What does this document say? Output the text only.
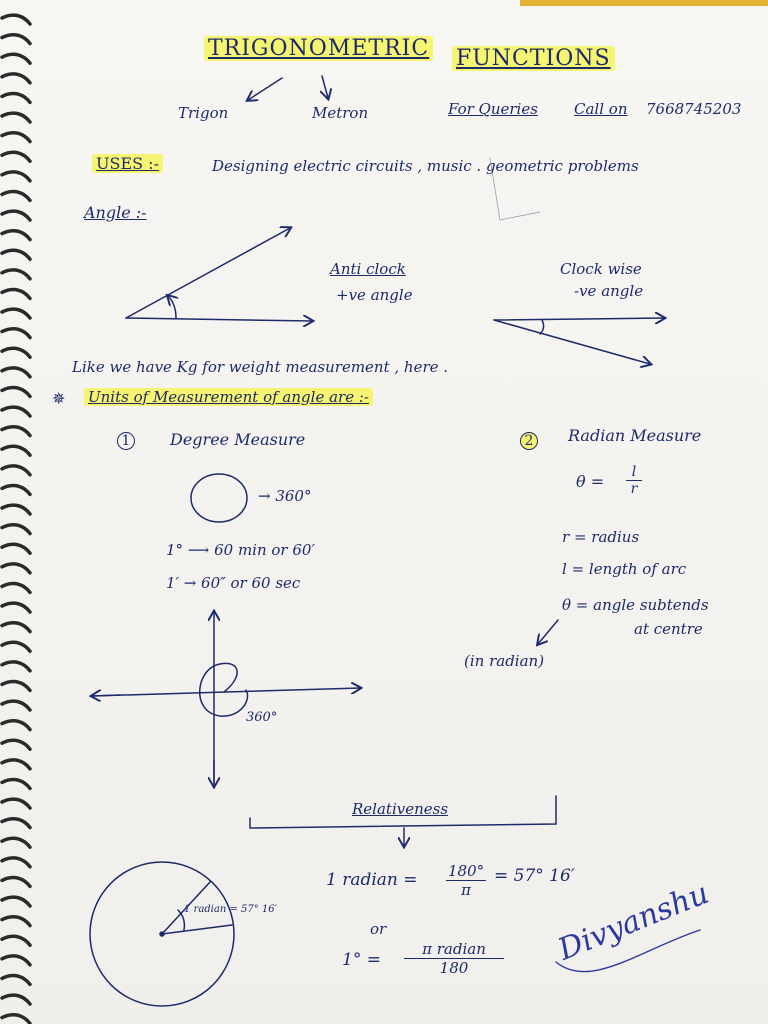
TRIGONOMETRIC FUNCTIONS
Trigon	Metron	For Queries Call on 7668745203
USES :-	Designing electric circuits , music . geometric problems
Angle :-
Anti clock
+ve angle
Clock wise
-ve angle
Like we have Kg for weight measurement , here .
✵ Units of Measurement of angle are :-
1 Degree Measure
→ 360°
1° ⟶ 60 min or 60′
1′ → 60″ or 60 sec
360°
2 Radian Measure
$\theta = \frac{l}{r}$
r = radius
l = length of arc
θ = angle subtends
at centre
(in radian)
Relativeness
1 radian = $\frac{180^\circ}{\pi} = 57^\circ$ 16′
or
1° =
π radian
180
1 radian = 57° 16′	Divyanshu
